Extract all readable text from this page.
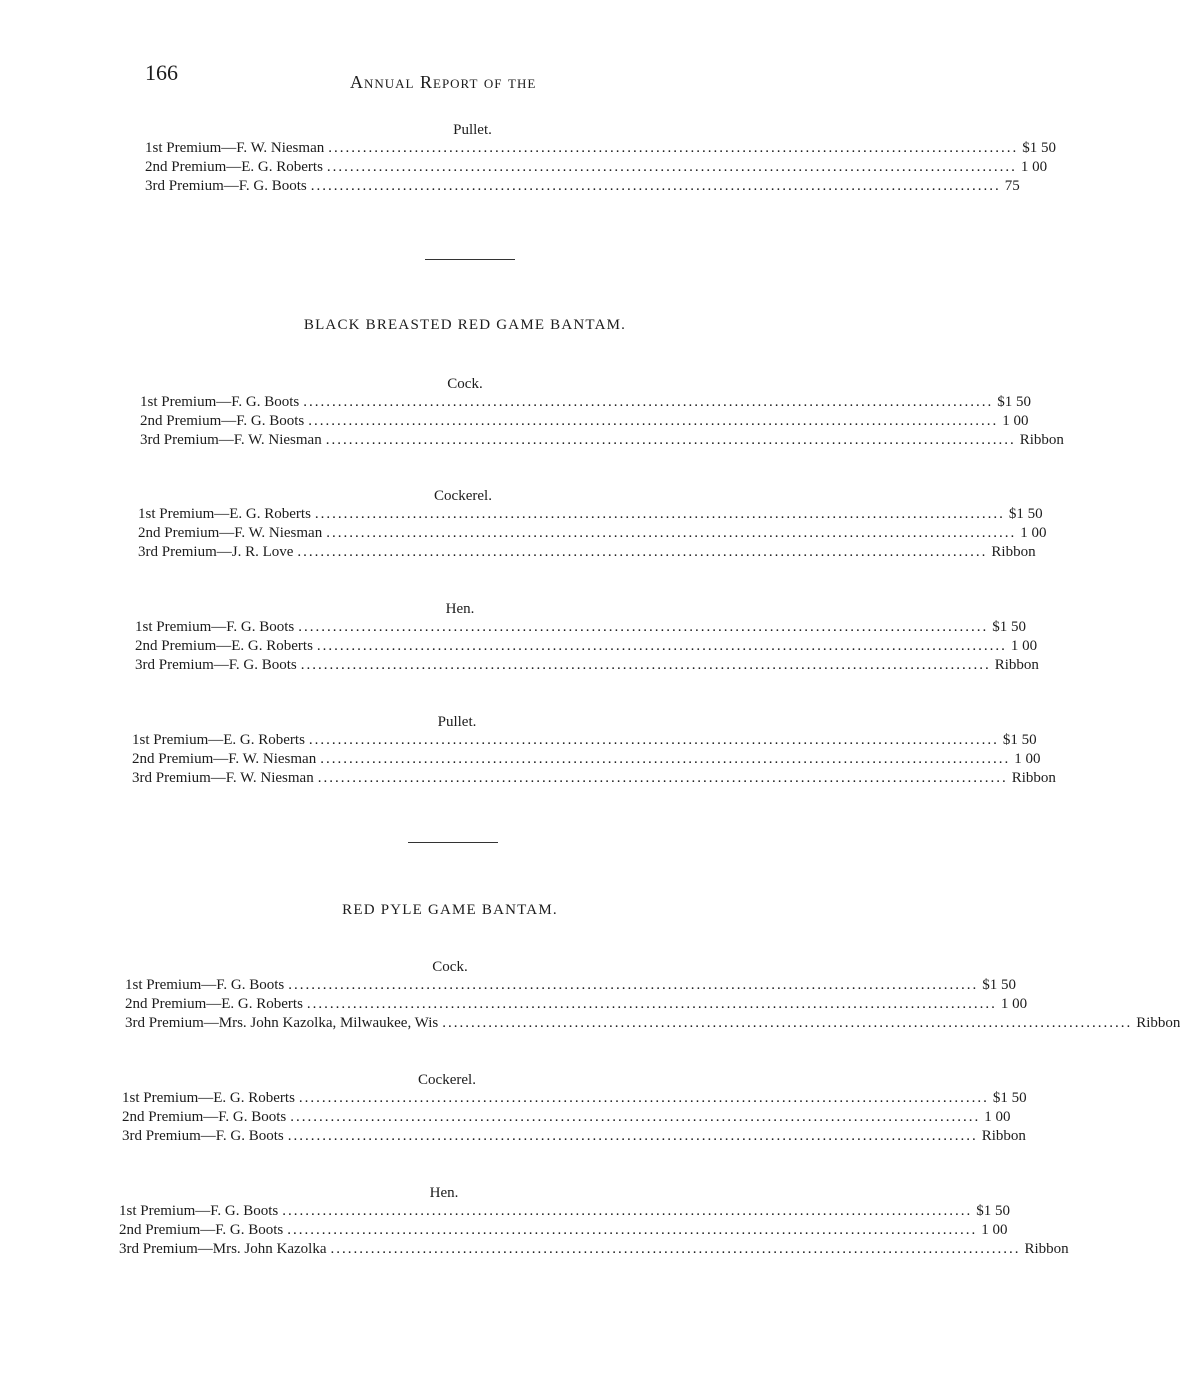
166	Annual Report of the
Pullet.
1st Premium—F. W. Niesman ........................................................................................................................ $1 50
2nd Premium—E. G. Roberts ........................................................................................................................ 1 00
3rd Premium—F. G. Boots ........................................................................................................................ 75
BLACK BREASTED RED GAME BANTAM.
Cock.
1st Premium—F. G. Boots ........................................................................................................................ $1 50
2nd Premium—F. G. Boots ........................................................................................................................ 1 00
3rd Premium—F. W. Niesman ........................................................................................................................ Ribbon
Cockerel.
1st Premium—E. G. Roberts ........................................................................................................................ $1 50
2nd Premium—F. W. Niesman ........................................................................................................................ 1 00
3rd Premium—J. R. Love ........................................................................................................................ Ribbon
Hen.
1st Premium—F. G. Boots ........................................................................................................................ $1 50
2nd Premium—E. G. Roberts ........................................................................................................................ 1 00
3rd Premium—F. G. Boots ........................................................................................................................ Ribbon
Pullet.
1st Premium—E. G. Roberts ........................................................................................................................ $1 50
2nd Premium—F. W. Niesman ........................................................................................................................ 1 00
3rd Premium—F. W. Niesman ........................................................................................................................ Ribbon
RED PYLE GAME BANTAM.
Cock.
1st Premium—F. G. Boots ........................................................................................................................ $1 50
2nd Premium—E. G. Roberts ........................................................................................................................ 1 00
3rd Premium—Mrs. John Kazolka, Milwaukee, Wis ........................................................................................................................ Ribbon
Cockerel.
1st Premium—E. G. Roberts ........................................................................................................................ $1 50
2nd Premium—F. G. Boots ........................................................................................................................ 1 00
3rd Premium—F. G. Boots ........................................................................................................................ Ribbon
Hen.
1st Premium—F. G. Boots ........................................................................................................................ $1 50
2nd Premium—F. G. Boots ........................................................................................................................ 1 00
3rd Premium—Mrs. John Kazolka ........................................................................................................................ Ribbon
